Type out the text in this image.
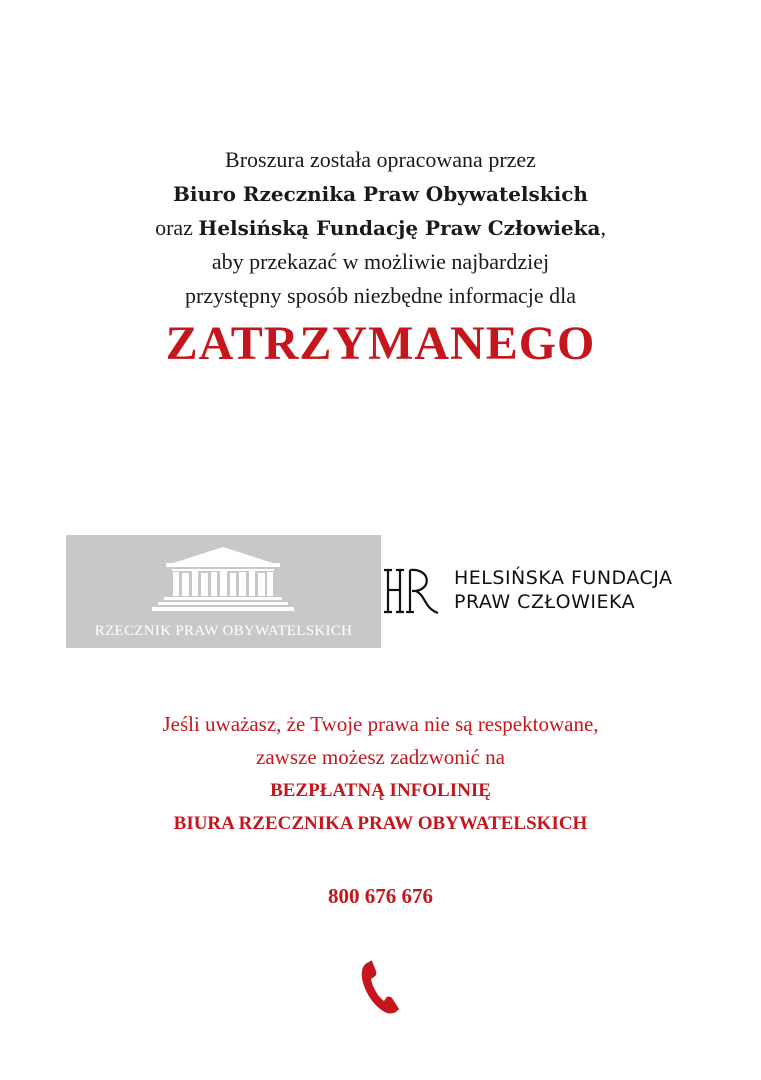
Broszura została opracowana przez
Biuro Rzecznika Praw Obywatelskich
oraz Helsińską Fundację Praw Człowieka,
aby przekazać w możliwie najbardziej
przystępny sposób niezbędne informacje dla
ZATRZYMANEGO
RZECZNIK PRAW OBYWATELSKICH
HELSIŃSKA FUNDACJA
PRAW CZŁOWIEKA
Jeśli uważasz, że Twoje prawa nie są respektowane,
zawsze możesz zadzwonić na
BEZPŁATNĄ INFOLINIĘ
BIURA RZECZNIKA PRAW OBYWATELSKICH
800 676 676
